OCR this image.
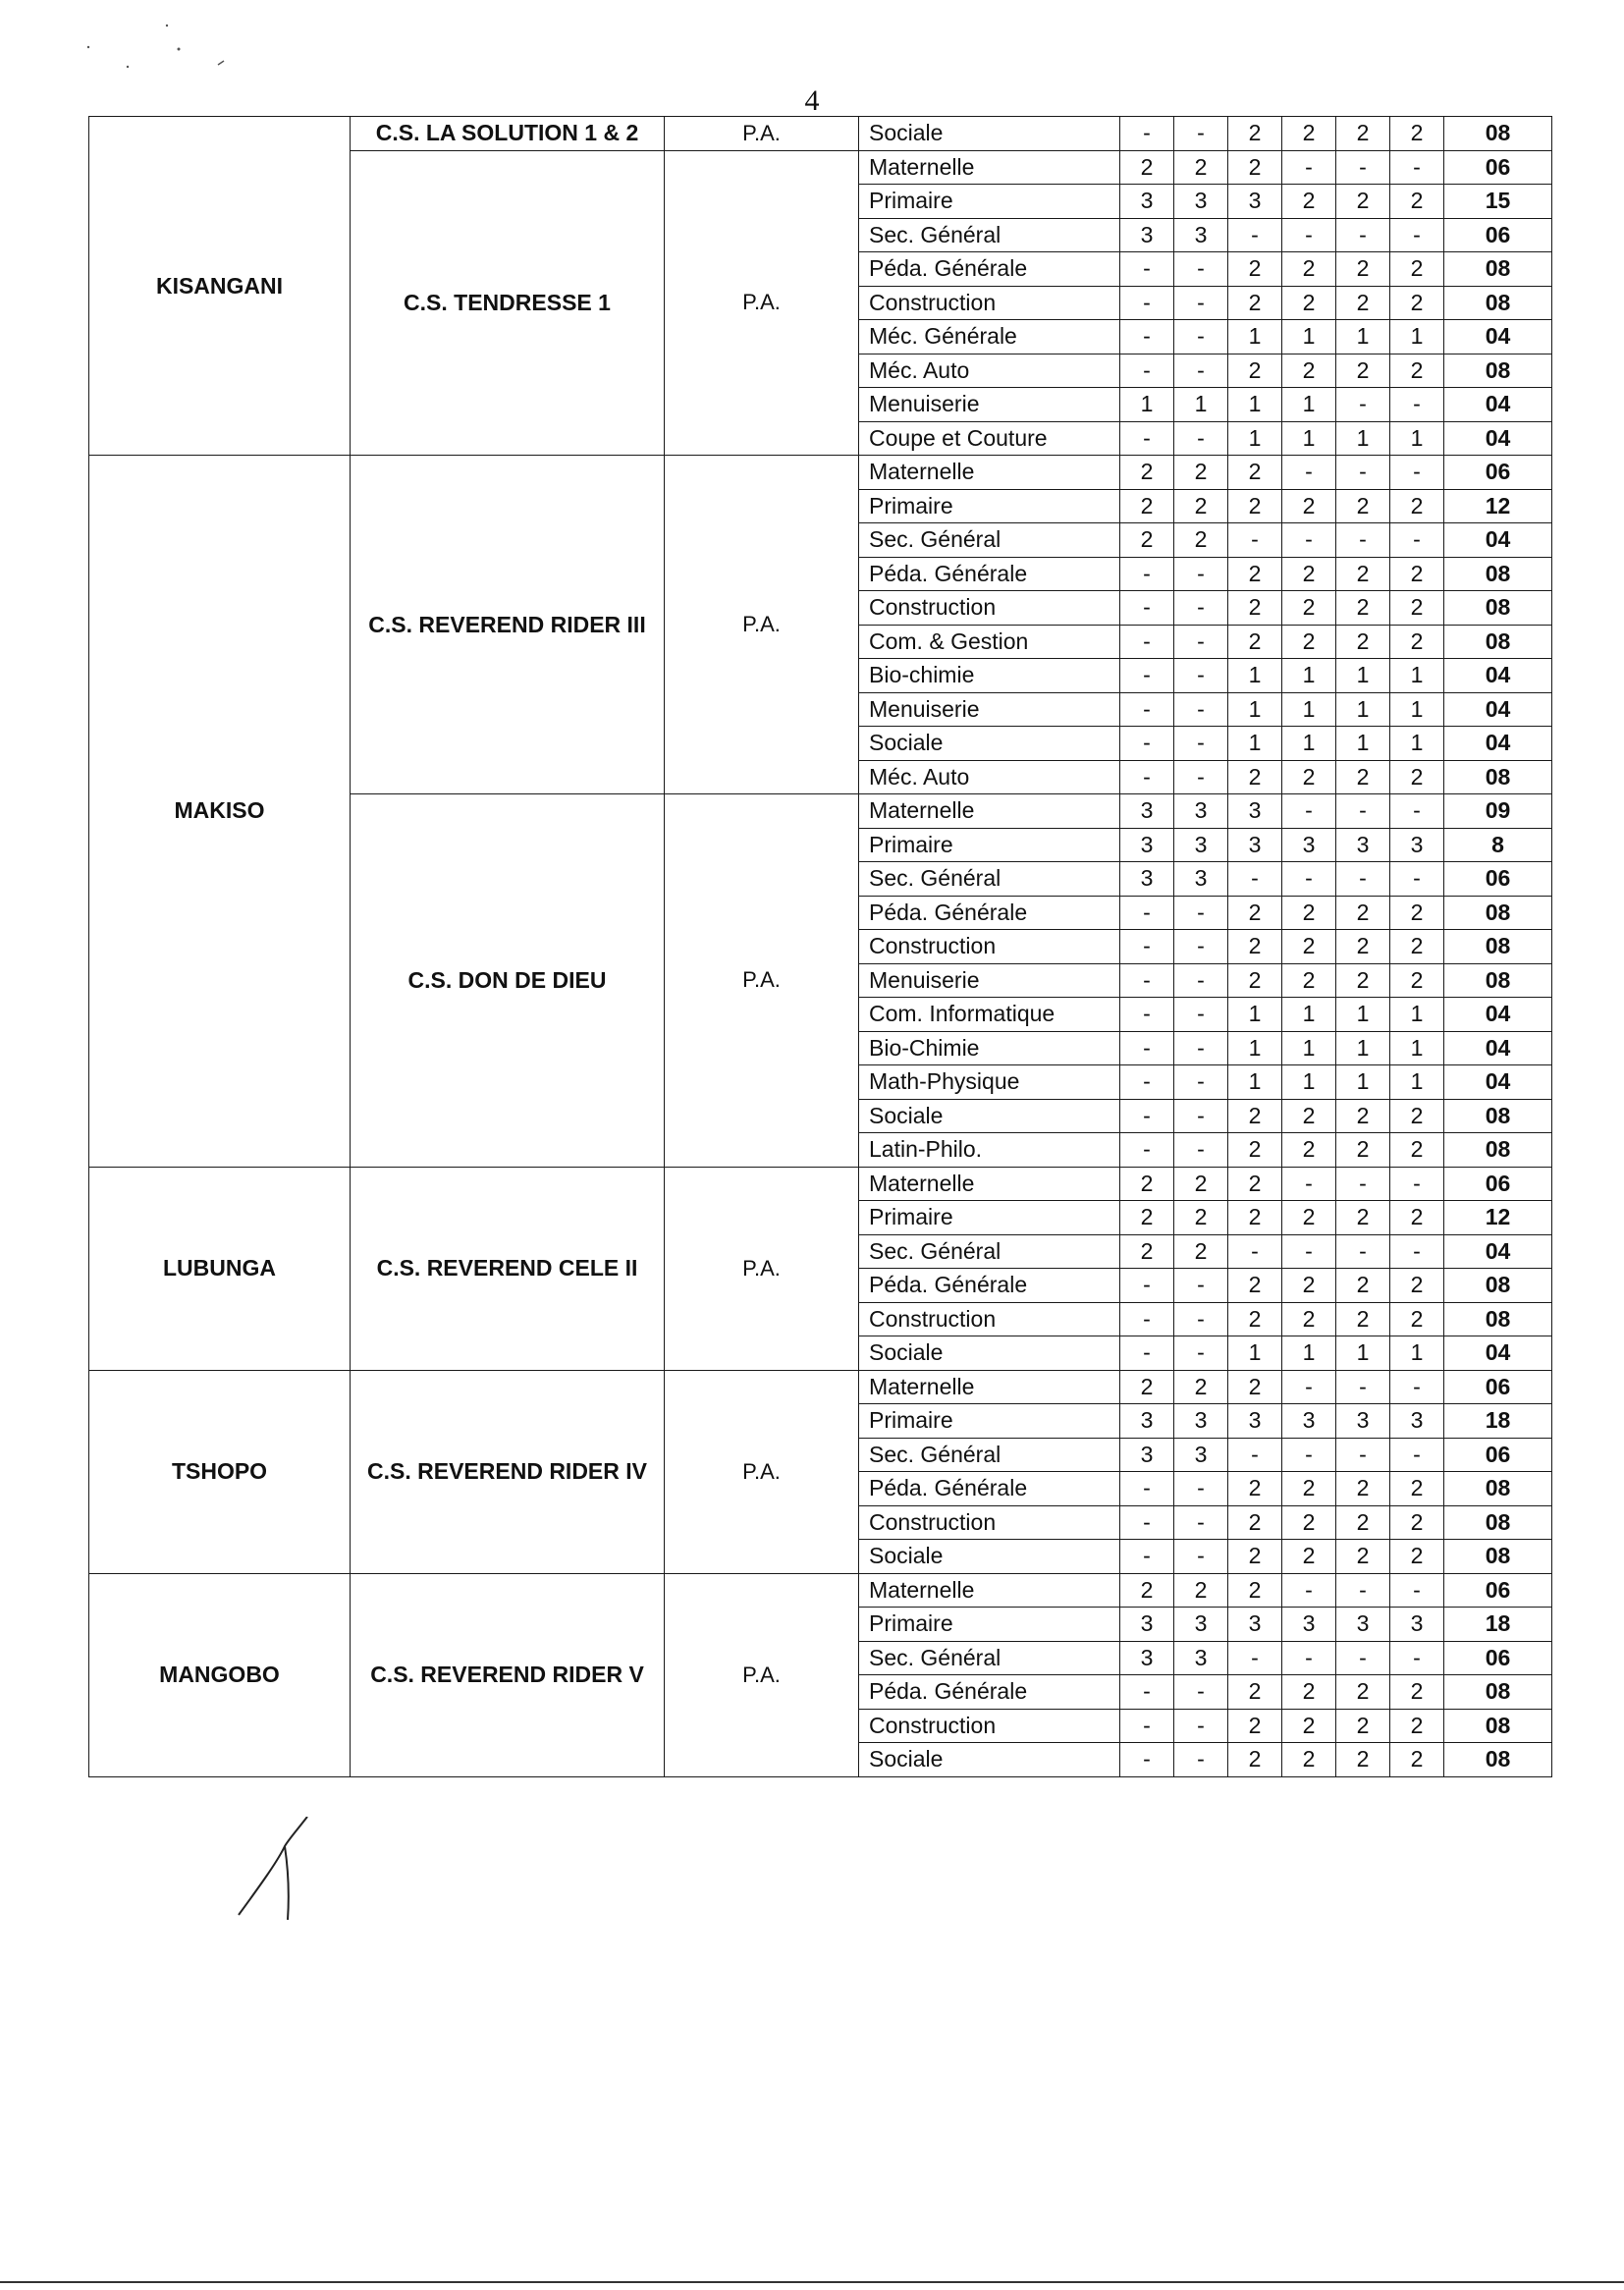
4
KISANGANI	C.S. LA SOLUTION 1 & 2	P.A.	Sociale	-	-	2	2	2	2	08
	C.S. TENDRESSE 1	P.A.	Maternelle	2	2	2	-	-	-	06
			Primaire	3	3	3	2	2	2	15
			Sec. Général	3	3	-	-	-	-	06
			Péda. Générale	-	-	2	2	2	2	08
			Construction	-	-	2	2	2	2	08
			Méc. Générale	-	-	1	1	1	1	04
			Méc. Auto	-	-	2	2	2	2	08
			Menuiserie	1	1	1	1	-	-	04
			Coupe et Couture	-	-	1	1	1	1	04
MAKISO	C.S. REVEREND RIDER III	P.A.	Maternelle	2	2	2	-	-	-	06
			Primaire	2	2	2	2	2	2	12
			Sec. Général	2	2	-	-	-	-	04
			Péda. Générale	-	-	2	2	2	2	08
			Construction	-	-	2	2	2	2	08
			Com. & Gestion	-	-	2	2	2	2	08
			Bio-chimie	-	-	1	1	1	1	04
			Menuiserie	-	-	1	1	1	1	04
			Sociale	-	-	1	1	1	1	04
			Méc. Auto	-	-	2	2	2	2	08
	C.S. DON DE DIEU	P.A.	Maternelle	3	3	3	-	-	-	09
			Primaire	3	3	3	3	3	3	8
			Sec. Général	3	3	-	-	-	-	06
			Péda. Générale	-	-	2	2	2	2	08
			Construction	-	-	2	2	2	2	08
			Menuiserie	-	-	2	2	2	2	08
			Com. Informatique	-	-	1	1	1	1	04
			Bio-Chimie	-	-	1	1	1	1	04
			Math-Physique	-	-	1	1	1	1	04
			Sociale	-	-	2	2	2	2	08
			Latin-Philo.	-	-	2	2	2	2	08
LUBUNGA	C.S. REVEREND CELE II	P.A.	Maternelle	2	2	2	-	-	-	06
			Primaire	2	2	2	2	2	2	12
			Sec. Général	2	2	-	-	-	-	04
			Péda. Générale	-	-	2	2	2	2	08
			Construction	-	-	2	2	2	2	08
			Sociale	-	-	1	1	1	1	04
TSHOPO	C.S. REVEREND RIDER IV	P.A.	Maternelle	2	2	2	-	-	-	06
			Primaire	3	3	3	3	3	3	18
			Sec. Général	3	3	-	-	-	-	06
			Péda. Générale	-	-	2	2	2	2	08
			Construction	-	-	2	2	2	2	08
			Sociale	-	-	2	2	2	2	08
MANGOBO	C.S. REVEREND RIDER V	P.A.	Maternelle	2	2	2	-	-	-	06
			Primaire	3	3	3	3	3	3	18
			Sec. Général	3	3	-	-	-	-	06
			Péda. Générale	-	-	2	2	2	2	08
			Construction	-	-	2	2	2	2	08
			Sociale	-	-	2	2	2	2	08
